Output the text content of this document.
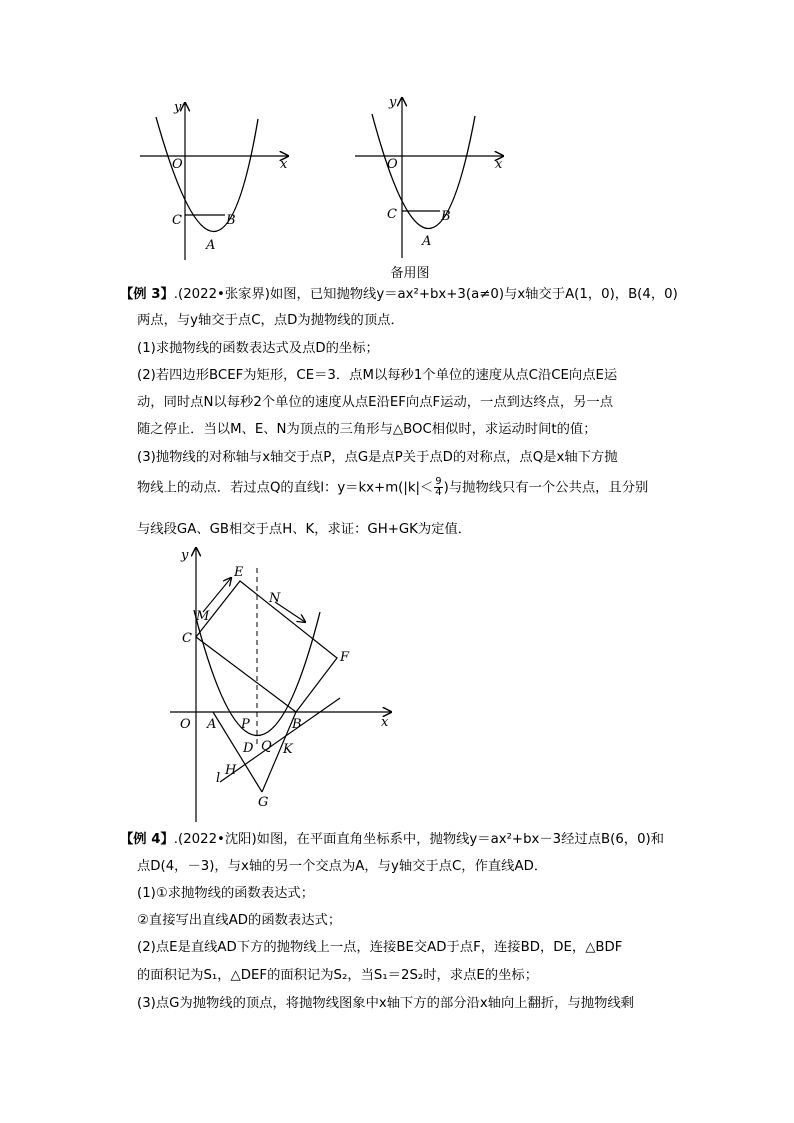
y
x
O
C	B
A
y
x
O
C	B
A
备用图
【例 3】.(2022•张家界)如图，已知抛物线y＝ax²+bx+3(a≠0)与x轴交于A(1，0)，B(4，0)
两点，与y轴交于点C，点D为抛物线的顶点．
(1)求抛物线的函数表达式及点D的坐标；
(2)若四边形BCEF为矩形，CE＝3．点M以每秒1个单位的速度从点C沿CE向点E运
动，同时点N以每秒2个单位的速度从点E沿EF向点F运动，一点到达终点，另一点
随之停止．当以M、E、N为顶点的三角形与△BOC相似时，求运动时间t的值；
(3)抛物线的对称轴与x轴交于点P，点G是点P关于点D的对称点，点Q是x轴下方抛
物线上的动点．若过点Q的直线l：$y=kx+m(|k|< \frac{9}{4}$ )与抛物线只有一个公共点，且分别
与线段GA、GB相交于点H、K，求证：GH+GK为定值．
y
x
O
E
N
M
C
F
A P	B
D Q K
l
H
G
【例 4】.(2022•沈阳)如图，在平面直角坐标系中，抛物线y＝ax²+bx－3经过点B(6，0)和
点D(4，－3)，与x轴的另一个交点为A，与y轴交于点C，作直线AD．
(1)①求抛物线的函数表达式；
②直接写出直线AD的函数表达式；
(2)点E是直线AD下方的抛物线上一点，连接BE交AD于点F，连接BD，DE，△BDF
的面积记为S₁，△DEF的面积记为S₂，当S₁＝2S₂时，求点E的坐标；
(3)点G为抛物线的顶点，将抛物线图象中x轴下方的部分沿x轴向上翻折，与抛物线剩
